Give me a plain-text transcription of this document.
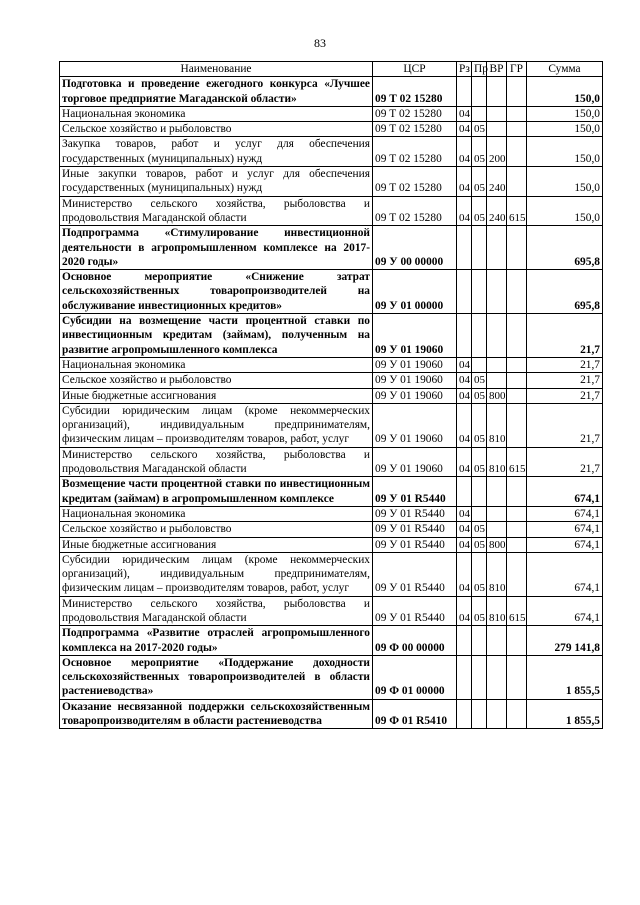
83
Наименование	ЦСР	Рз	Пр	ВР	ГР	Сумма
Подготовка и проведение ежегодного конкурса «Лучшее торговое предприятие Магаданской области»	09 Т 02 15280					150,0
Национальная экономика	09 Т 02 15280	04				150,0
Сельское хозяйство и рыболовство	09 Т 02 15280	04	05			150,0
Закупка товаров, работ и услуг для обеспечения государственных (муниципальных) нужд	09 Т 02 15280	04	05	200		150,0
Иные закупки товаров, работ и услуг для обеспечения государственных (муниципальных) нужд	09 Т 02 15280	04	05	240		150,0
Министерство сельского хозяйства, рыболовства и продовольствия Магаданской области	09 Т 02 15280	04	05	240	615	150,0
Подпрограмма «Стимулирование инвестиционной деятельности в агропромышленном комплексе на 2017-2020 годы»	09 У 00 00000					695,8
Основное мероприятие «Снижение затрат сельскохозяйственных товаропроизводителей на обслуживание инвестиционных кредитов»	09 У 01 00000					695,8
Субсидии на возмещение части процентной ставки по инвестиционным кредитам (займам), полученным на развитие агропромышленного комплекса	09 У 01 19060					21,7
Национальная экономика	09 У 01 19060	04				21,7
Сельское хозяйство и рыболовство	09 У 01 19060	04	05			21,7
Иные бюджетные ассигнования	09 У 01 19060	04	05	800		21,7
Субсидии юридическим лицам (кроме некоммерческих организаций), индивидуальным предпринимателям, физическим лицам – производителям товаров, работ, услуг	09 У 01 19060	04	05	810		21,7
Министерство сельского хозяйства, рыболовства и продовольствия Магаданской области	09 У 01 19060	04	05	810	615	21,7
Возмещение части процентной ставки по инвестиционным кредитам (займам) в агропромышленном комплексе	09 У 01 R5440					674,1
Национальная экономика	09 У 01 R5440	04				674,1
Сельское хозяйство и рыболовство	09 У 01 R5440	04	05			674,1
Иные бюджетные ассигнования	09 У 01 R5440	04	05	800		674,1
Субсидии юридическим лицам (кроме некоммерческих организаций), индивидуальным предпринимателям, физическим лицам – производителям товаров, работ, услуг	09 У 01 R5440	04	05	810		674,1
Министерство сельского хозяйства, рыболовства и продовольствия Магаданской области	09 У 01 R5440	04	05	810	615	674,1
Подпрограмма «Развитие отраслей агропромышленного комплекса на 2017-2020 годы»	09 Ф 00 00000					279 141,8
Основное мероприятие «Поддержание доходности сельскохозяйственных товаропроизводителей в области растениеводства»	09 Ф 01 00000					1 855,5
Оказание несвязанной поддержки сельскохозяйственным товаропроизводителям в области растениеводства	09 Ф 01 R5410					1 855,5
